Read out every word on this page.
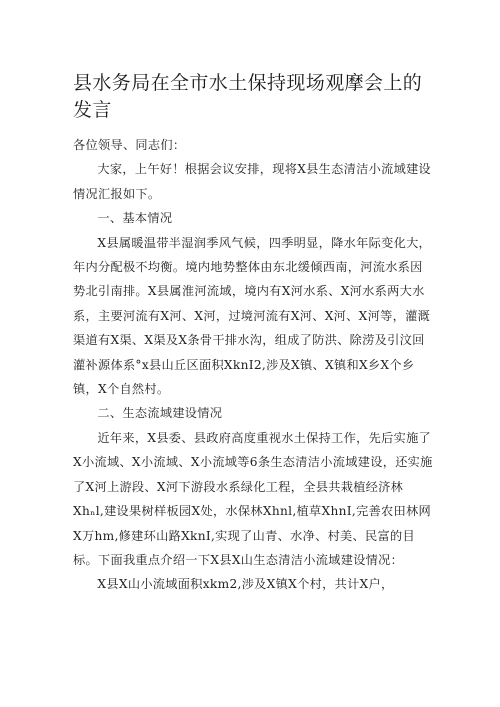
县水务局在全市水土保持现场观摩会上的发言

各位领导、同志们：

大家，上午好！根据会议安排，现将X县生态清洁小流域建设情况汇报如下。

一、基本情况

X县属暖温带半湿润季风气候，四季明显，降水年际变化大，年内分配极不均衡。境内地势整体由东北缓倾西南，河流水系因势北引南排。X县属淮河流域，境内有X河水系、X河水系两大水系，主要河流有X河、X河，过境河流有X河、X河、X河等，灌溉渠道有X渠、X渠及X条骨干排水沟，组成了防洪、除涝及引汶回灌补源体系°x县山丘区面积XknI2,涉及X镇、X镇和X乡X个乡镇，X个自然村。

二、生态流域建设情况

近年来，X县委、县政府高度重视水土保持工作，先后实施了X小流域、X小流域、X小流域等6条生态清洁小流域建设，还实施了X河上游段、X河下游段水系绿化工程，全县共栽植经济林Xhₙl,建设果树样板园X处，水保林Xhnl,植草XhnI,完善农田林网X万hm,修建环山路XknI,实现了山青、水净、村美、民富的目标。下面我重点介绍一下X县X山生态清洁小流域建设情况：

X县X山小流域面积xkm2,涉及X镇X个村，共计X户，
